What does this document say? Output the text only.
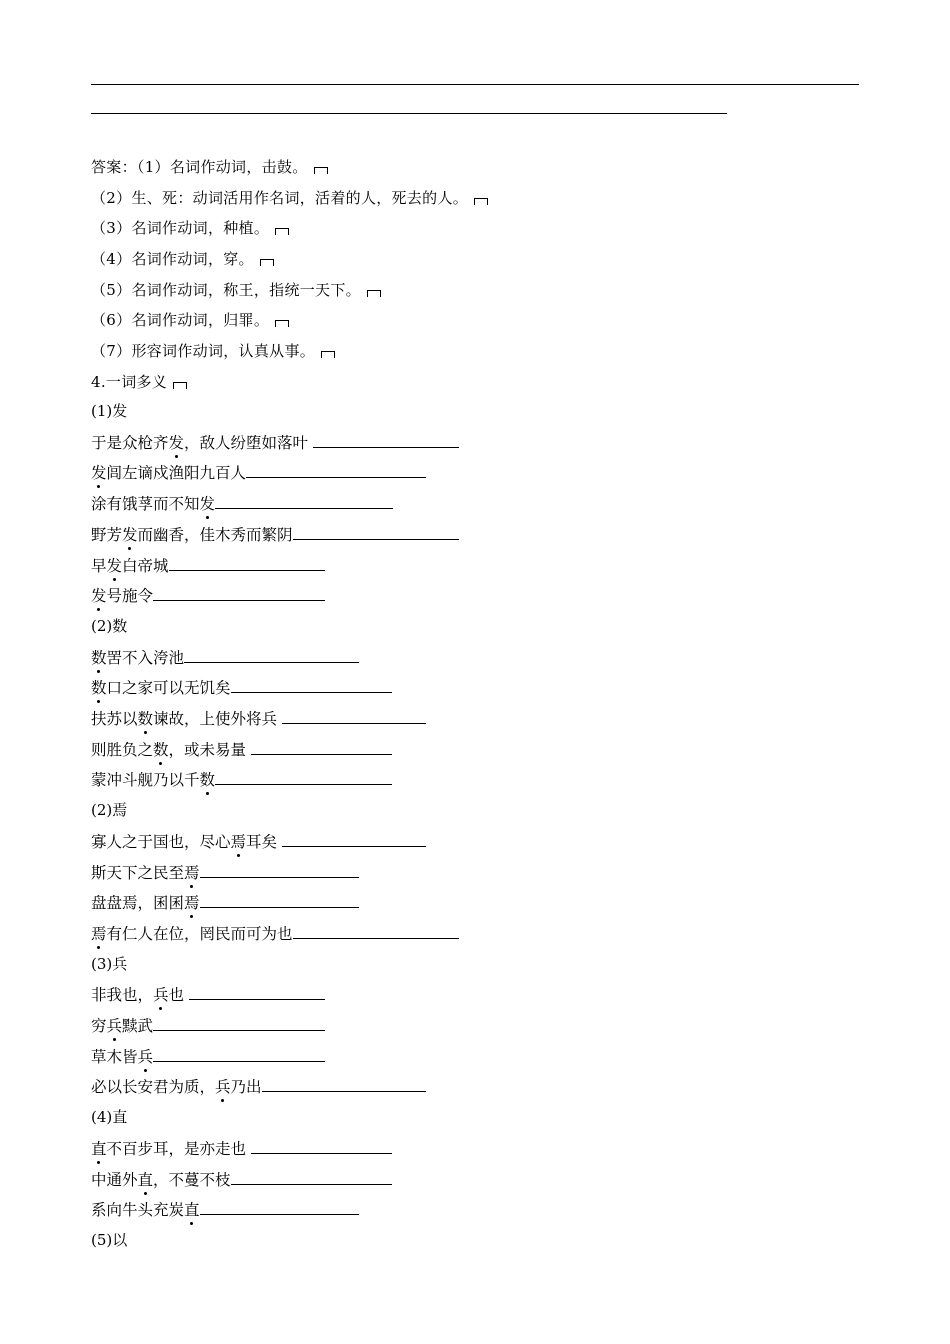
答案：（1）名词作动词，击鼓。
（2）生、死：动词活用作名词，活着的人，死去的人。
（3）名词作动词，种植。
（4）名词作动词，穿。
（5）名词作动词，称王，指统一天下。
（6）名词作动词，归罪。
（7）形容词作动词，认真从事。
4.一词多义
(1)发
于是众枪齐发，敌人纷堕如落叶
发闾左谪戍渔阳九百人
涂有饿莩而不知发
野芳发而幽香，佳木秀而繁阴
早发白帝城
发号施令
(2)数
数罟不入洿池
数口之家可以无饥矣
扶苏以数谏故，上使外将兵
则胜负之数，或未易量
蒙冲斗舰乃以千数
(2)焉
寡人之于国也，尽心焉耳矣
斯天下之民至焉
盘盘焉，囷囷焉
焉有仁人在位，罔民而可为也
(3)兵
非我也，兵也
穷兵黩武
草木皆兵
必以长安君为质，兵乃出
(4)直
直不百步耳，是亦走也
中通外直，不蔓不枝
系向牛头充炭直
(5)以
